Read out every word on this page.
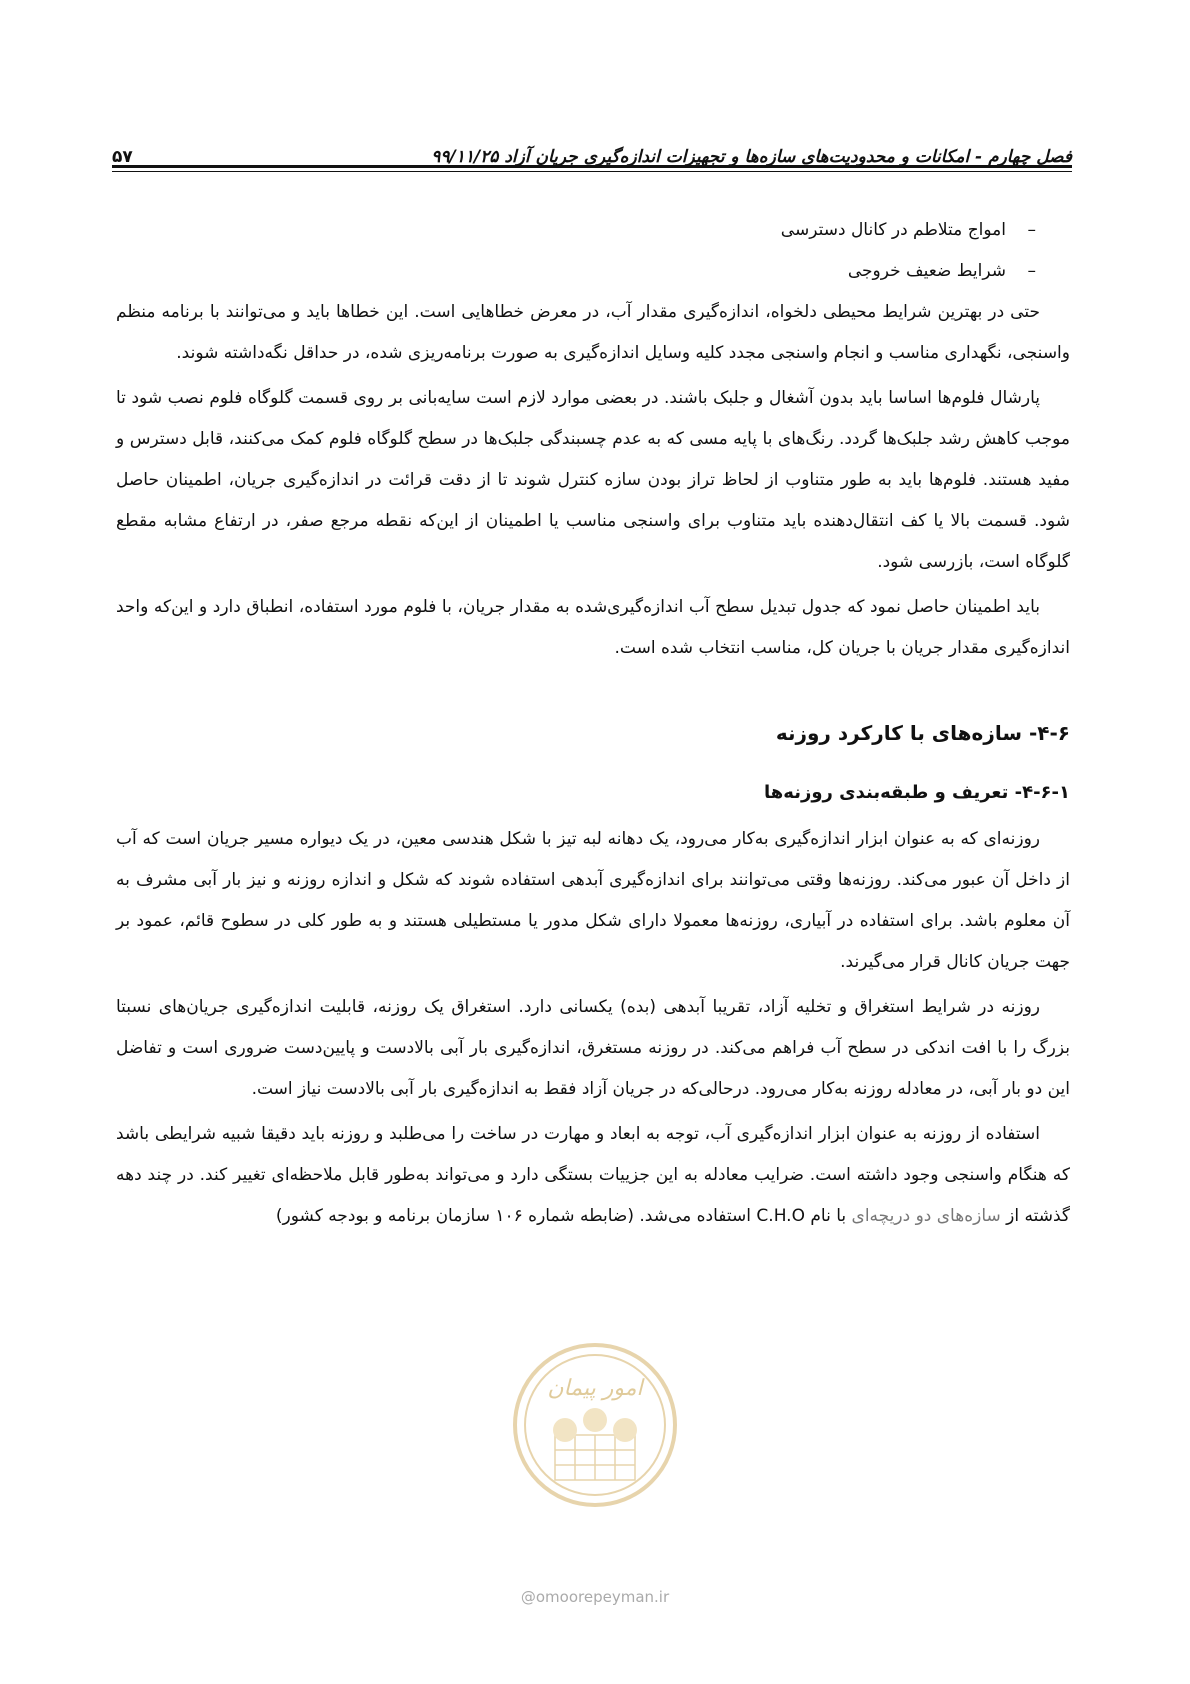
فصل چهارم - امکانات و محدودیت‌های سازه‌ها و تجهیزات اندازه‌گیری جریان آزاد ۹۹/۱۱/۲۵
۵۷
–امواج متلاطم در کانال دسترسی
–شرایط ضعیف خروجی

حتی در بهترین شرایط محیطی دلخواه، اندازه‌گیری مقدار آب، در معرض خطاهایی است. این خطاها باید و می‌توانند با برنامه منظم واسنجی، نگهداری مناسب و انجام واسنجی مجدد کلیه وسایل اندازه‌گیری به صورت برنامه‌ریزی شده، در حداقل نگه‌داشته شوند.

پارشال فلوم‌ها اساسا باید بدون آشغال و جلبک باشند. در بعضی موارد لازم است سایه‌بانی بر روی قسمت گلوگاه فلوم نصب شود تا موجب کاهش رشد جلبک‌ها گردد. رنگ‌های با پایه مسی که به عدم چسبندگی جلبک‌ها در سطح گلوگاه فلوم کمک می‌کنند، قابل دسترس و مفید هستند. فلوم‌ها باید به طور متناوب از لحاظ تراز بودن سازه کنترل شوند تا از دقت قرائت در اندازه‌گیری جریان، اطمینان حاصل شود. قسمت بالا یا کف انتقال‌دهنده باید متناوب برای واسنجی مناسب یا اطمینان از این‌که نقطه مرجع صفر، در ارتفاع مشابه مقطع گلوگاه است، بازرسی شود.

باید اطمینان حاصل نمود که جدول تبدیل سطح آب اندازه‌گیری‌شده به مقدار جریان، با فلوم مورد استفاده، انطباق دارد و این‌که واحد اندازه‌گیری مقدار جریان با جریان کل، مناسب انتخاب شده است.

۴-۶- سازه‌های با کارکرد روزنه
۴-۶-۱- تعریف و طبقه‌بندی روزنه‌ها

روزنه‌ای که به عنوان ابزار اندازه‌گیری به‌کار می‌رود، یک دهانه لبه تیز با شکل هندسی معین، در یک دیواره مسیر جریان است که آب از داخل آن عبور می‌کند. روزنه‌ها وقتی می‌توانند برای اندازه‌گیری آبدهی استفاده شوند که شکل و اندازه روزنه و نیز بار آبی مشرف به آن معلوم باشد. برای استفاده در آبیاری، روزنه‌ها معمولا دارای شکل مدور یا مستطیلی هستند و به طور کلی در سطوح قائم، عمود بر جهت جریان کانال قرار می‌گیرند.

روزنه در شرایط استغراق و تخلیه آزاد، تقریبا آبدهی (بده) یکسانی دارد. استغراق یک روزنه، قابلیت اندازه‌گیری جریان‌های نسبتا بزرگ را با افت اندکی در سطح آب فراهم می‌کند. در روزنه مستغرق، اندازه‌گیری بار آبی بالادست و پایین‌دست ضروری است و تفاضل این دو بار آبی، در معادله روزنه به‌کار می‌رود. درحالی‌که در جریان آزاد فقط به اندازه‌گیری بار آبی بالادست نیاز است.

استفاده از روزنه به عنوان ابزار اندازه‌گیری آب، توجه به ابعاد و مهارت در ساخت را می‌طلبد و روزنه باید دقیقا شبیه شرایطی باشد که هنگام واسنجی وجود داشته است. ضرایب معادله به این جزییات بستگی دارد و می‌تواند به‌طور قابل ملاحظه‌ای تغییر کند. در چند دهه گذشته از سازه‌های دو دریچه‌ای با نام C.H.O استفاده می‌شد. (ضابطه شماره ۱۰۶ سازمان برنامه و بودجه کشور)

امور پیمان
@omoorepeyman.ir
